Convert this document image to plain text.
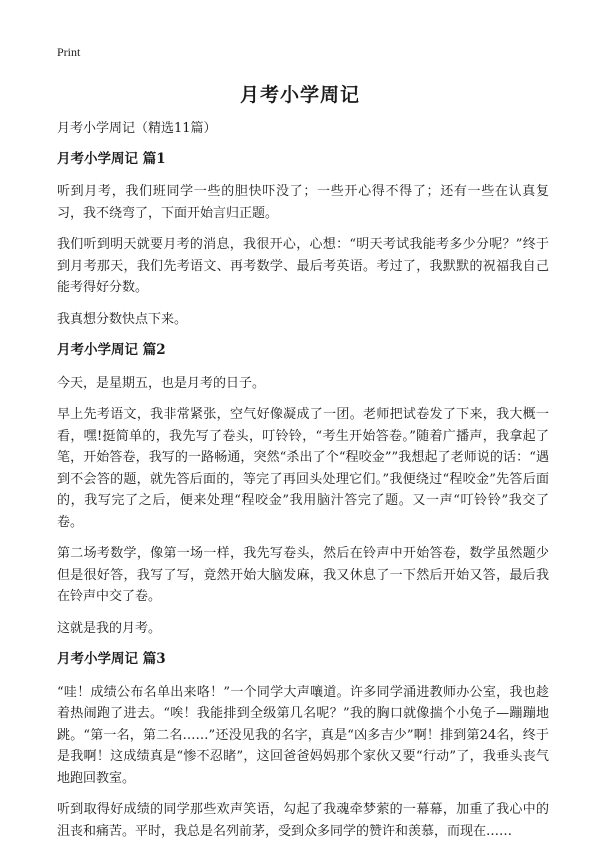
Print
月考小学周记

月考小学周记（精选11篇）

月考小学周记 篇1

听到月考，我们班同学一些的胆快吓没了；一些开心得不得了；还有一些在认真复习，我不绕弯了，下面开始言归正题。

我们听到明天就要月考的消息，我很开心，心想：“明天考试我能考多少分呢？”终于到月考那天，我们先考语文、再考数学、最后考英语。考过了，我默默的祝福我自己能考得好分数。

我真想分数快点下来。

月考小学周记 篇2

今天，是星期五，也是月考的日子。

早上先考语文，我非常紧张，空气好像凝成了一团。老师把试卷发了下来，我大概一看，嘿!挺简单的，我先写了卷头，叮铃铃，“考生开始答卷。”随着广播声，我拿起了笔，开始答卷，我写的一路畅通，突然“杀出了个“程咬金””我想起了老师说的话：“遇到不会答的题，就先答后面的，等完了再回头处理它们。”我便绕过“程咬金”先答后面的，我写完了之后，便来处理“程咬金”我用脑汁答完了题。又一声“叮铃铃”我交了卷。

第二场考数学，像第一场一样，我先写卷头，然后在铃声中开始答卷，数学虽然题少但是很好答，我写了写，竟然开始大脑发麻，我又休息了一下然后开始又答，最后我在铃声中交了卷。

这就是我的月考。

月考小学周记 篇3

“哇！成绩公布名单出来咯！”一个同学大声嚷道。许多同学涌进教师办公室，我也趁着热闹跑了进去。“唉！我能排到全级第几名呢？”我的胸口就像揣个小兔子—蹦蹦地跳。“第一名，第二名……”还没见我的名字，真是“凶多吉少”啊！排到第24名，终于是我啊！这成绩真是“惨不忍睹”，这回爸爸妈妈那个家伙又要“行动”了，我垂头丧气地跑回教室。

听到取得好成绩的同学那些欢声笑语，勾起了我魂牵梦萦的一幕幕，加重了我心中的沮丧和痛苦。平时，我总是名列前茅，受到众多同学的赞许和羡慕，而现在……
